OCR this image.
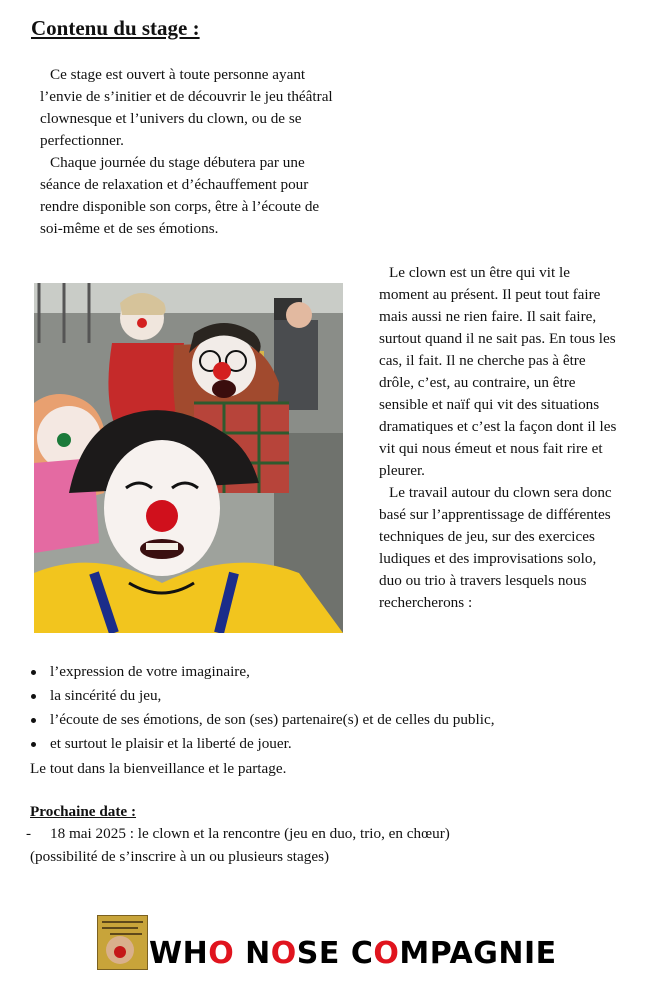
Contenu du stage :

Ce stage est ouvert à toute personne ayant l’envie de s’initier et de découvrir le jeu théâtral clownesque et l’univers du clown, ou de se perfectionner.

Chaque journée du stage débutera par une séance de relaxation et d’échauffement pour rendre disponible son corps, être à l’écoute de soi-même et de ses émotions.

Le clown est un être qui vit le moment au présent. Il peut tout faire mais aussi ne rien faire. Il sait faire, surtout quand il ne sait pas. En tous les cas, il fait. Il ne cherche pas à être drôle, c’est, au contraire, un être sensible et naïf qui vit des situations dramatiques et c’est la façon dont il les vit qui nous émeut et nous fait rire et pleurer.

Le travail autour du clown sera donc basé sur l’apprentissage de différentes techniques de jeu, sur des exercices ludiques et des improvisations solo, duo ou trio à travers lesquels nous rechercherons :

l’expression de votre imaginaire,
la sincérité du jeu,
l’écoute de ses émotions, de son (ses) partenaire(s) et de celles du public,
et surtout le plaisir et la liberté de jouer.
Le tout dans la bienveillance et le partage.
Prochaine date :
- 18 mai 2025 : le clown et la rencontre (jeu en duo, trio, en chœur)
(possibilité de s’inscrire à un ou plusieurs stages)
WHO NOSE COMPAGNIE
